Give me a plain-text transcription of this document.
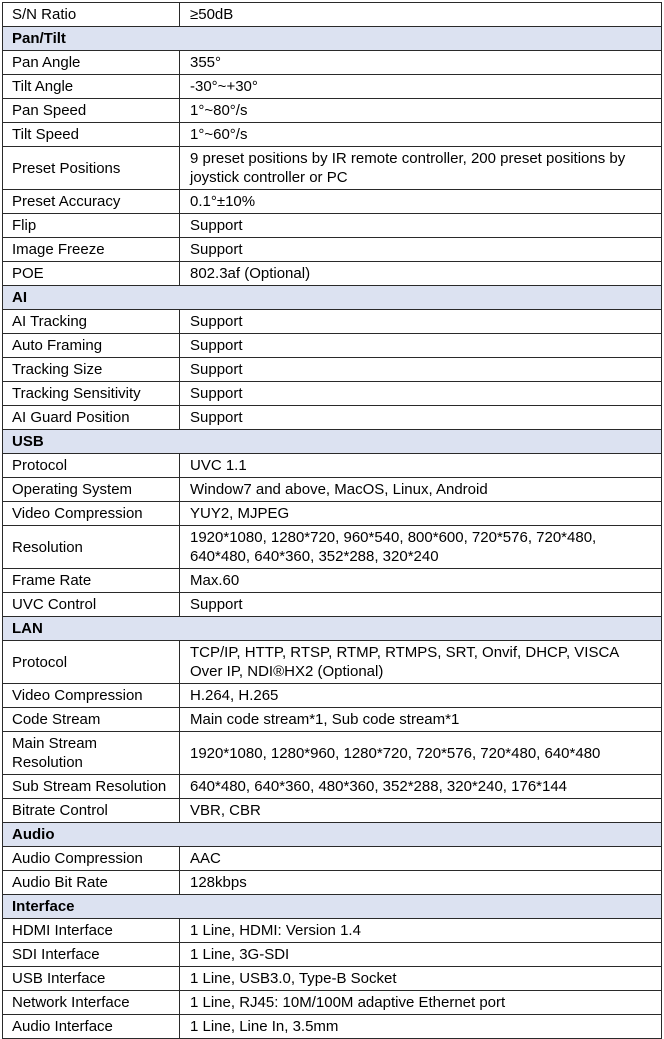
S/N Ratio	≥50dB
Pan/Tilt	
Pan Angle	355°
Tilt Angle	-30°~+30°
Pan Speed	1°~80°/s
Tilt Speed	1°~60°/s
Preset Positions	9 preset positions by IR remote controller, 200 preset positions by joystick controller or PC
Preset Accuracy	0.1°±10%
Flip	Support
Image Freeze	Support
POE	802.3af (Optional)
AI	
AI Tracking	Support
Auto Framing	Support
Tracking Size	Support
Tracking Sensitivity	Support
AI Guard Position	Support
USB	
Protocol	UVC 1.1
Operating System	Window7 and above, MacOS, Linux, Android
Video Compression	YUY2, MJPEG
Resolution	1920*1080, 1280*720, 960*540, 800*600, 720*576, 720*480, 640*480, 640*360, 352*288, 320*240
Frame Rate	Max.60
UVC Control	Support
LAN	
Protocol	TCP/IP, HTTP, RTSP, RTMP, RTMPS, SRT, Onvif, DHCP, VISCA Over IP, NDI®HX2 (Optional)
Video Compression	H.264, H.265
Code Stream	Main code stream*1, Sub code stream*1
Main Stream Resolution	1920*1080, 1280*960, 1280*720, 720*576, 720*480, 640*480
Sub Stream Resolution	640*480, 640*360, 480*360, 352*288, 320*240, 176*144
Bitrate Control	VBR, CBR
Audio	
Audio Compression	AAC
Audio Bit Rate	128kbps
Interface	
HDMI Interface	1 Line, HDMI: Version 1.4
SDI Interface	1 Line, 3G-SDI
USB Interface	1 Line, USB3.0, Type-B Socket
Network Interface	1 Line, RJ45: 10M/100M adaptive Ethernet port
Audio Interface	1 Line, Line In, 3.5mm
